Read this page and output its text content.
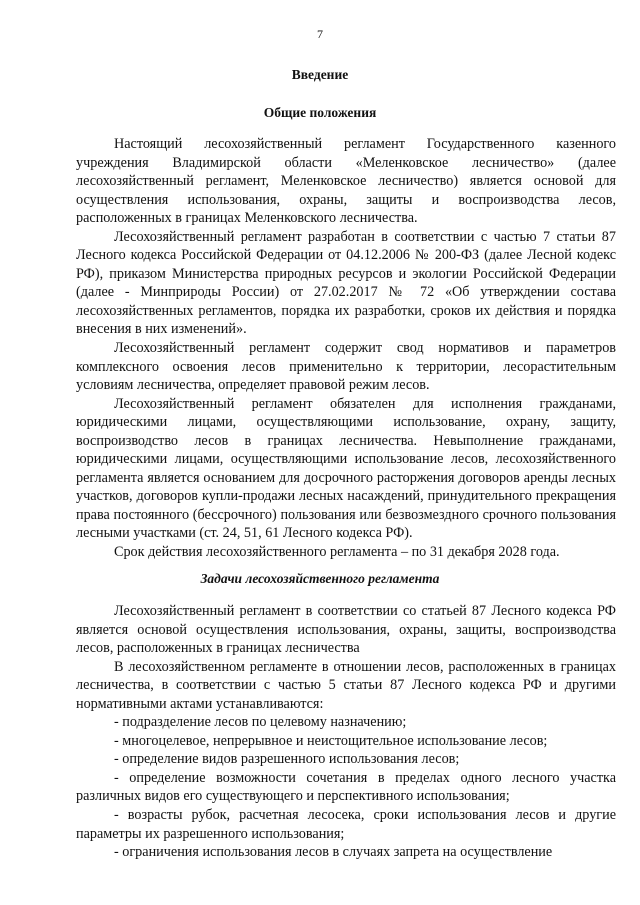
7
Введение
Общие положения

Настоящий лесохозяйственный регламент Государственного казенного учреждения Владимирской области «Меленковское лесничество» (далее лесохозяйственный регламент, Меленковское лесничество) является основой для осуществления использования, охраны, защиты и воспроизводства лесов, расположенных в границах Меленковского лесничества.

Лесохозяйственный регламент разработан в соответствии с частью 7 статьи 87 Лесного кодекса Российской Федерации от 04.12.2006 № 200-ФЗ (далее Лесной кодекс РФ), приказом Министерства природных ресурсов и экологии Российской Федерации (далее - Минприроды России) от 27.02.2017 № 72 «Об утверждении состава лесохозяйственных регламентов, порядка их разработки, сроков их действия и порядка внесения в них изменений».

Лесохозяйственный регламент содержит свод нормативов и параметров комплексного освоения лесов применительно к территории, лесорастительным условиям лесничества, определяет правовой режим лесов.

Лесохозяйственный регламент обязателен для исполнения гражданами, юридическими лицами, осуществляющими использование, охрану, защиту, воспроизводство лесов в границах лесничества. Невыполнение гражданами, юридическими лицами, осуществляющими использование лесов, лесохозяйственного регламента является основанием для досрочного расторжения договоров аренды лесных участков, договоров купли-продажи лесных насаждений, принудительного прекращения права постоянного (бессрочного) пользования или безвозмездного срочного пользования лесными участками (ст. 24, 51, 61 Лесного кодекса РФ).

Срок действия лесохозяйственного регламента – по 31 декабря 2028 года.

Задачи лесохозяйственного регламента

Лесохозяйственный регламент в соответствии со статьей 87 Лесного кодекса РФ является основой осуществления использования, охраны, защиты, воспроизводства лесов, расположенных в границах лесничества

В лесохозяйственном регламенте в отношении лесов, расположенных в границах лесничества, в соответствии с частью 5 статьи 87 Лесного кодекса РФ и другими нормативными актами устанавливаются:

- подразделение лесов по целевому назначению;

- многоцелевое, непрерывное и неистощительное использование лесов;

- определение видов разрешенного использования лесов;

- определение возможности сочетания в пределах одного лесного участка различных видов его существующего и перспективного использования;

- возрасты рубок, расчетная лесосека, сроки использования лесов и другие параметры их разрешенного использования;

- ограничения использования лесов в случаях запрета на осуществление
